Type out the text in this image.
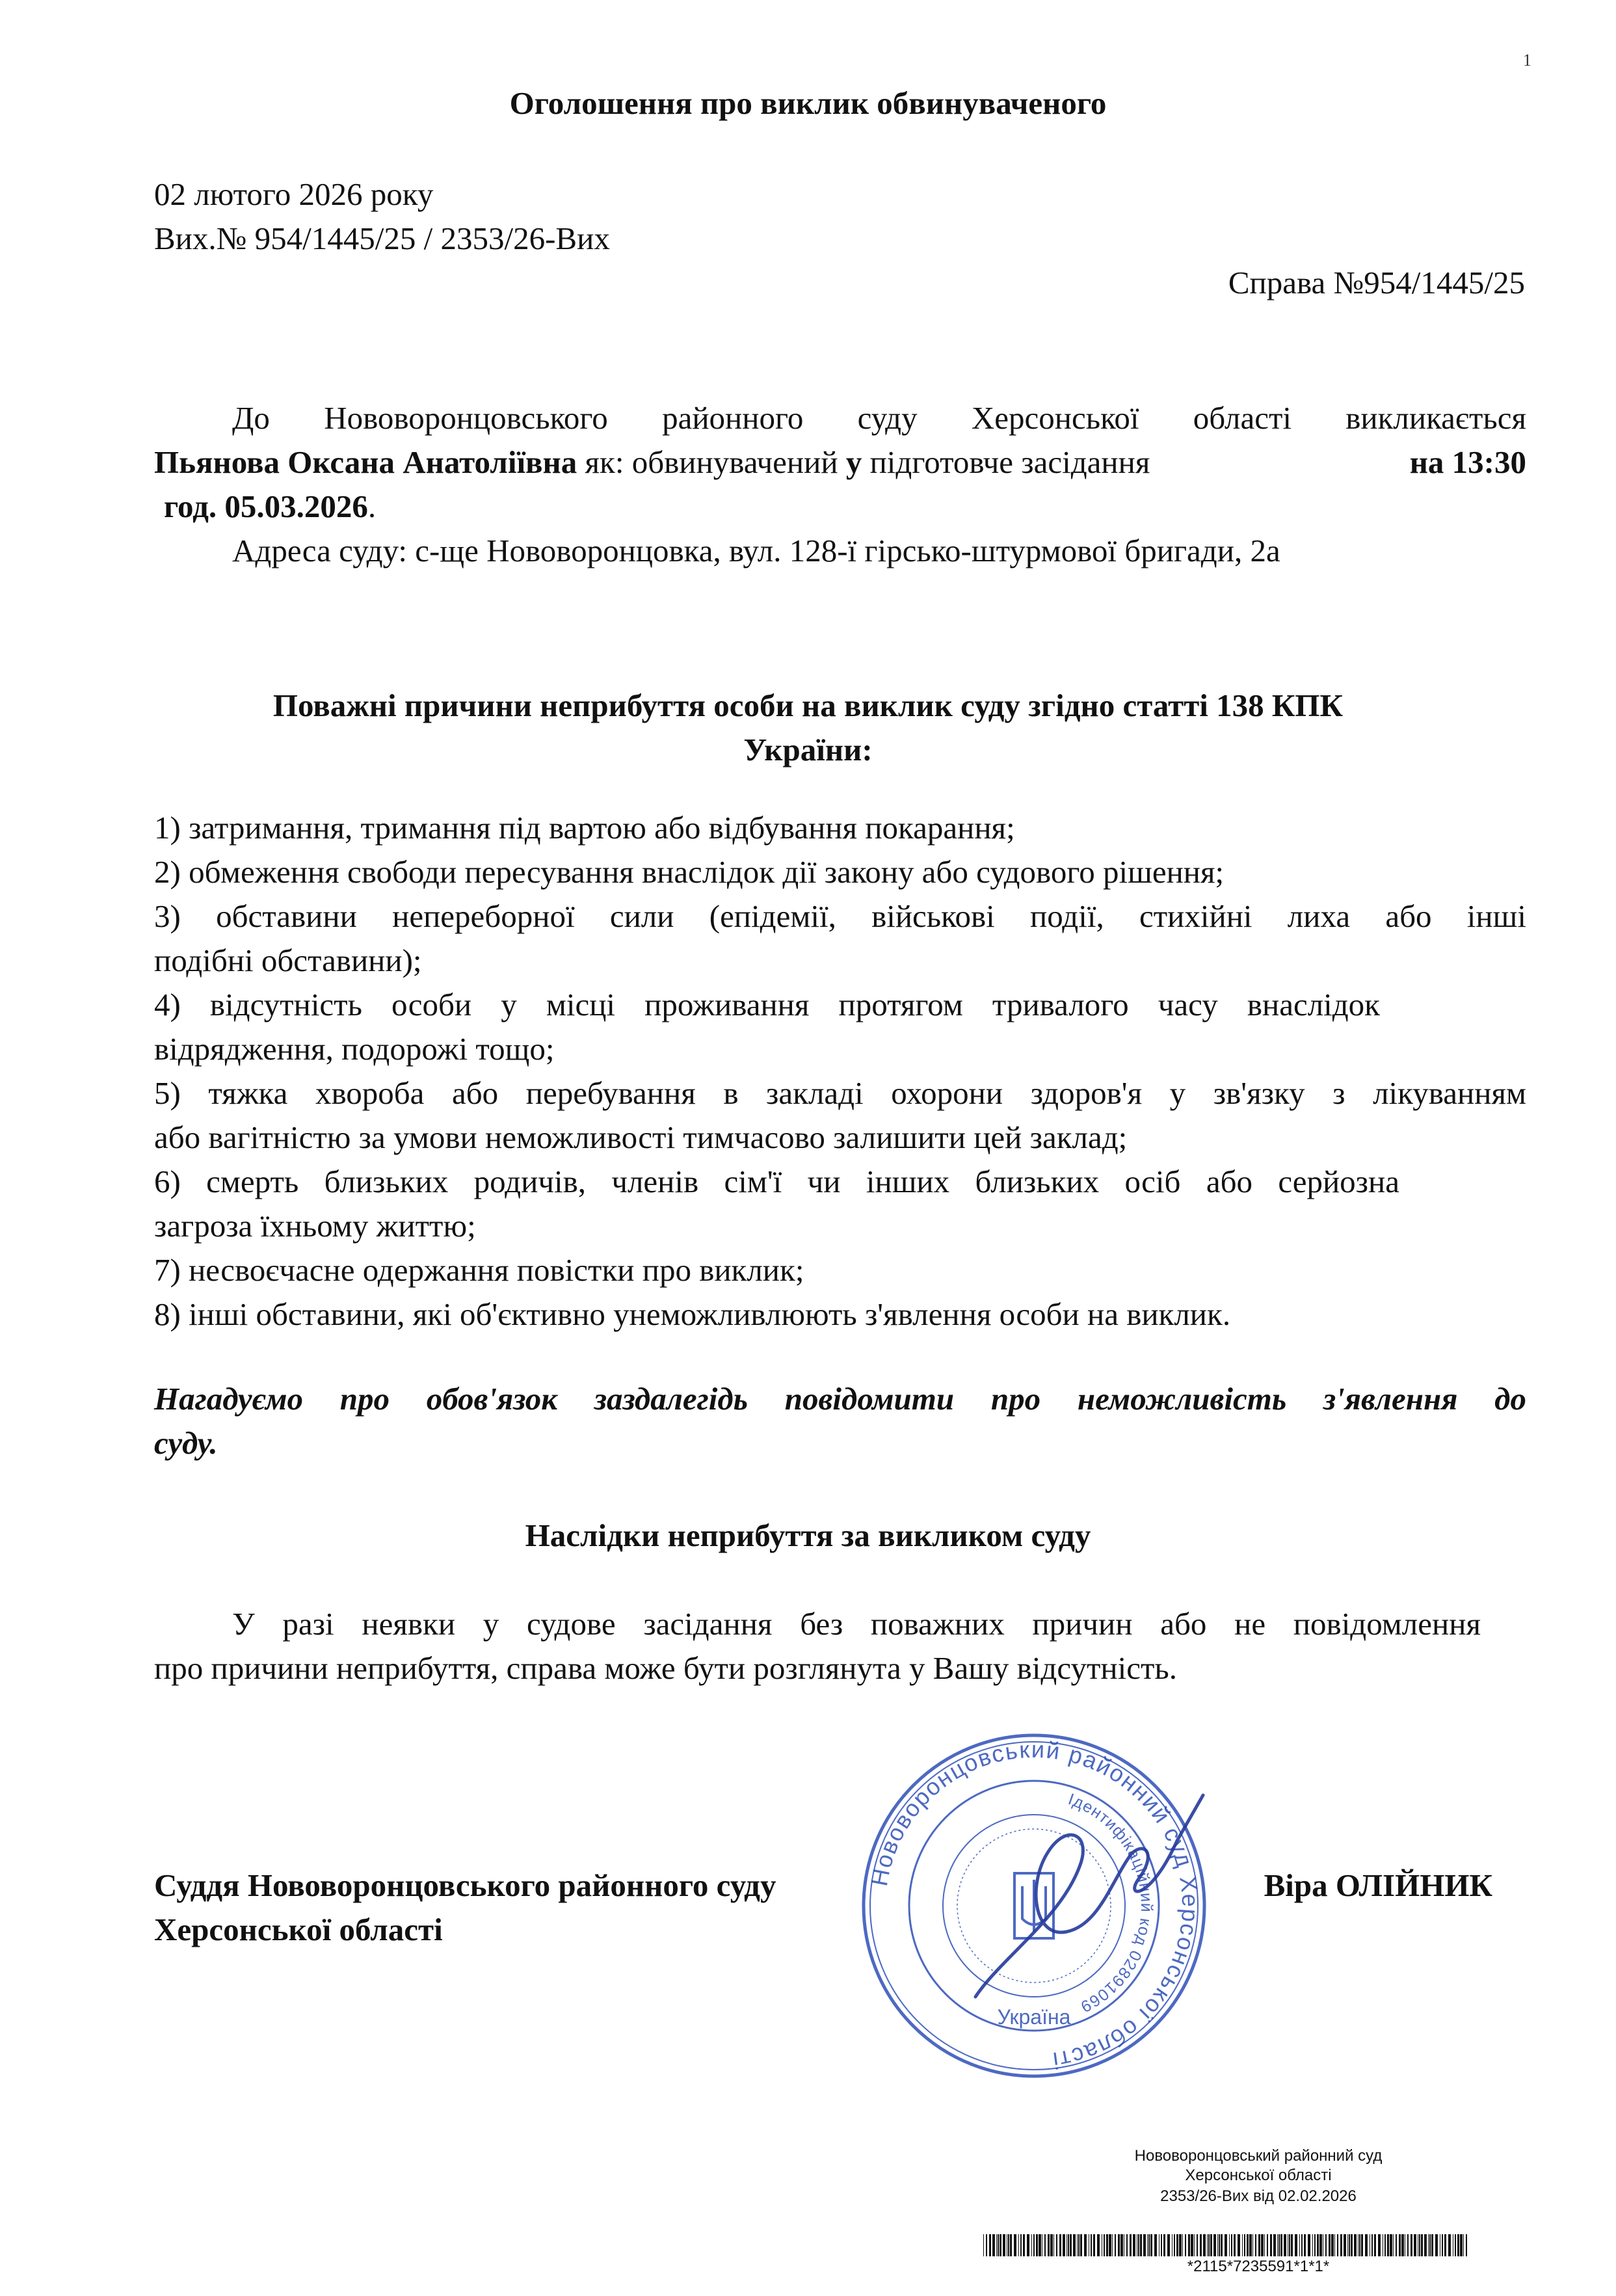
1
Оголошення про виклик обвинуваченого
02 лютого 2026 року
Вих.№ 954/1445/25 / 2353/26-Вих
Справа №954/1445/25
До Нововоронцовського районного суду Херсонської області викликається
Пьянова Оксана Анатоліївна як: обвинувачений у підготовче засідання	на 13:30
год. 05.03.2026.
Адреса суду: с-ще Нововоронцовка, вул. 128-ї гірсько-штурмової бригади, 2а
Поважні причини неприбуття особи на виклик суду згідно статті 138 КПК
України:
1) затримання, тримання під вартою або відбування покарання;
2) обмеження свободи пересування внаслідок дії закону або судового рішення;
3) обставини непереборної сили (епідемії, військові події, стихійні лиха або інші
подібні обставини);
4) відсутність особи у місці проживання протягом тривалого часу внаслідок
відрядження, подорожі тощо;
5) тяжка хвороба або перебування в закладі охорони здоров'я у зв'язку з лікуванням
або вагітністю за умови неможливості тимчасово залишити цей заклад;
6) смерть близьких родичів, членів сім'ї чи інших близьких осіб або серйозна
загроза їхньому життю;
7) несвоєчасне одержання повістки про виклик;
8) інші обставини, які об'єктивно унеможливлюють з'явлення особи на виклик.
Нагадуємо про обов'язок заздалегідь повідомити про неможливість з'явлення до
суду.
Наслідки неприбуття за викликом суду
У разі неявки у судове засідання без поважних причин або не повідомлення
про причини неприбуття, справа може бути розглянута у Вашу відсутність.
Нововоронцовський районний суд Херсонської області
Ідентифікаційний код 02891069
Україна
Суддя Нововоронцовського районного суду
Херсонської області
Віра ОЛІЙНИК
Нововоронцовський районний суд
Херсонської області
2353/26-Вих від 02.02.2026
*2115*7235591*1*1*
